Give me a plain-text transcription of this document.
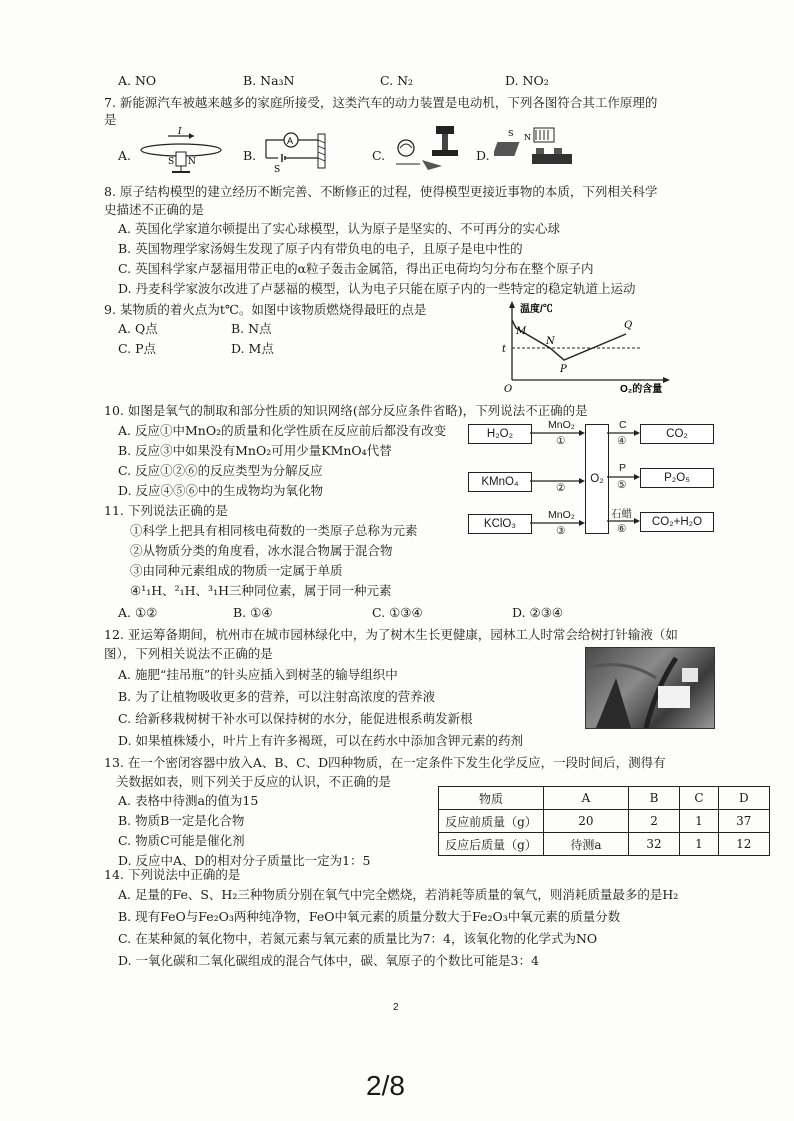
A. NO	B. Na₃N	C. N₂	D. NO₂
7. 新能源汽车被越来越多的家庭所接受，这类汽车的动力装置是电动机，下列各图符合其工作原理的
是
A.
I
S N	B.
A
S
C.	D.
S N
8. 原子结构模型的建立经历不断完善、不断修正的过程，使得模型更接近事物的本质，下列相关科学
史描述不正确的是
A. 英国化学家道尔顿提出了实心球模型，认为原子是坚实的、不可再分的实心球
B. 英国物理学家汤姆生发现了原子内有带负电的电子，且原子是电中性的
C. 英国科学家卢瑟福用带正电的α粒子轰击金属箔，得出正电荷均匀分布在整个原子内
D. 丹麦科学家波尔改进了卢瑟福的模型，认为电子只能在原子内的一些特定的稳定轨道上运动
9. 某物质的着火点为t℃。如图中该物质燃烧得最旺的点是
A. Q点	B. N点
C. P点	D. M点
温度/℃
O₂的含量
O
t
M
N
P
Q
10. 如图是氧气的制取和部分性质的知识网络(部分反应条件省略)，下列说法不正确的是
A. 反应①中MnO₂的质量和化学性质在反应前后都没有改变
B. 反应③中如果没有MnO₂可用少量KMnO₄代替
C. 反应①②⑥的反应类型为分解反应
D. 反应④⑤⑥中的生成物均为氧化物
H₂O₂
KMnO₄
KClO₃
O₂
CO₂
P₂O₅
CO₂+H₂O
MnO₂
①
②
MnO₂
③
C
④
P
⑤
石蜡
⑥
11. 下列说法正确的是
①科学上把具有相同核电荷数的一类原子总称为元素
②从物质分类的角度看，冰水混合物属于混合物
③由同种元素组成的物质一定属于单质
④¹₁H、²₁H、³₁H三种同位素，属于同一种元素
A. ①②	B. ①④	C. ①③④	D. ②③④
12. 亚运筹备期间，杭州市在城市园林绿化中，为了树木生长更健康，园林工人时常会给树打针输液（如
图），下列相关说法不正确的是
A. 施肥“挂吊瓶”的针头应插入到树茎的输导组织中
B. 为了让植物吸收更多的营养，可以注射高浓度的营养液
C. 给新移栽树树干补水可以保持树的水分，能促进根系萌发新根
D. 如果植株矮小，叶片上有许多褐斑，可以在药水中添加含钾元素的药剂
13. 在一个密闭容器中放入A、B、C、D四种物质，在一定条件下发生化学反应，一段时间后，测得有
关数据如表，则下列关于反应的认识，不正确的是
A. 表格中待测a的值为15
B. 物质B一定是化合物
C. 物质C可能是催化剂
D. 反应中A、D的相对分子质量比一定为1：5
物质	A	B	C	D
反应前质量（g）	20	2	1	37
反应后质量（g）	待测a	32	1	12
14. 下列说法中正确的是
A. 足量的Fe、S、H₂三种物质分别在氧气中完全燃烧，若消耗等质量的氧气，则消耗质量最多的是H₂
B. 现有FeO与Fe₂O₃两种纯净物，FeO中氧元素的质量分数大于Fe₂O₃中氧元素的质量分数
C. 在某种氮的氧化物中，若氮元素与氧元素的质量比为7：4，该氧化物的化学式为NO
D. 一氧化碳和二氧化碳组成的混合气体中，碳、氧原子的个数比可能是3：4
2
2/8
